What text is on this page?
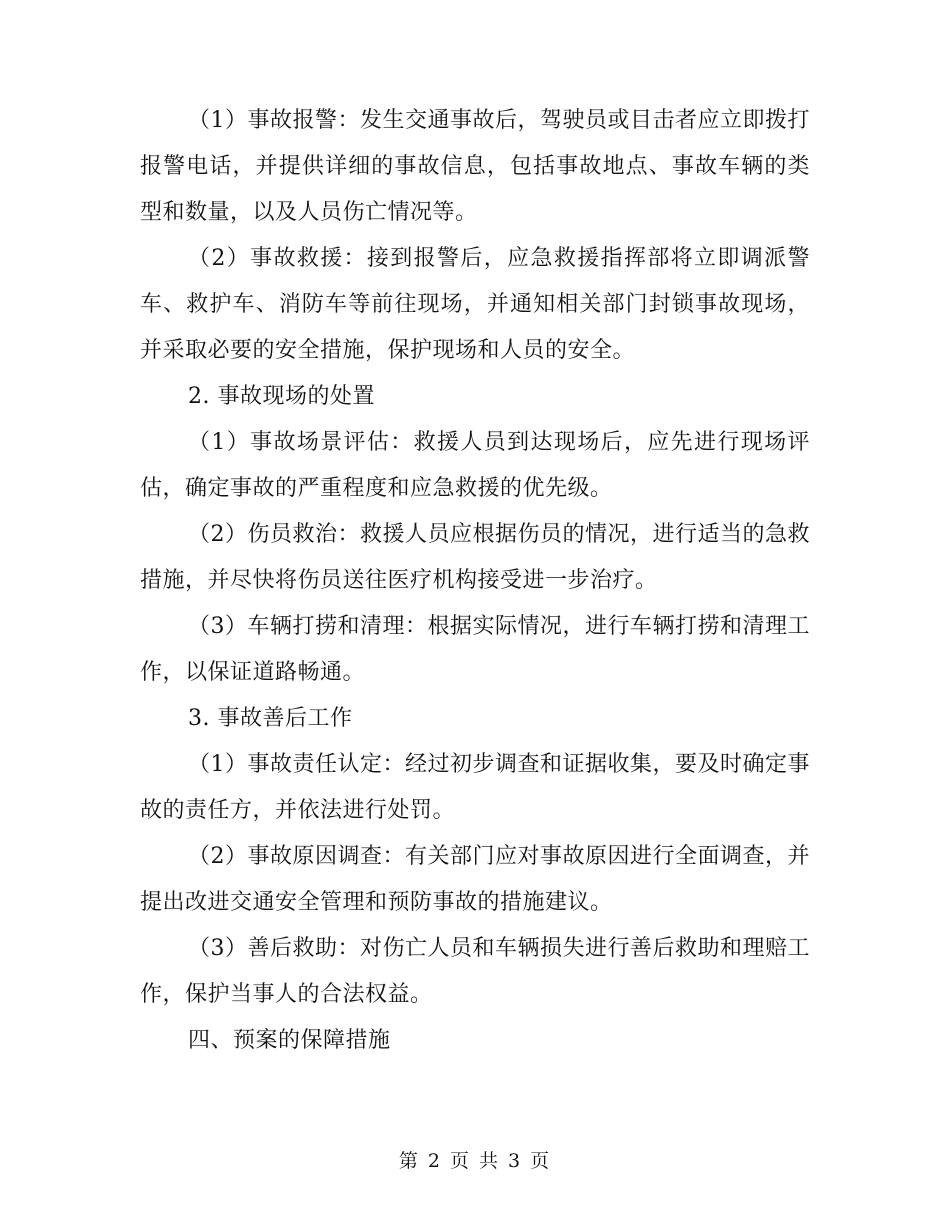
（1）事故报警：发生交通事故后，驾驶员或目击者应立即拨打报警电话，并提供详细的事故信息，包括事故地点、事故车辆的类型和数量，以及人员伤亡情况等。

（2）事故救援：接到报警后，应急救援指挥部将立即调派警车、救护车、消防车等前往现场，并通知相关部门封锁事故现场，并采取必要的安全措施，保护现场和人员的安全。

2. 事故现场的处置

（1）事故场景评估：救援人员到达现场后，应先进行现场评估，确定事故的严重程度和应急救援的优先级。

（2）伤员救治：救援人员应根据伤员的情况，进行适当的急救措施，并尽快将伤员送往医疗机构接受进一步治疗。

（3）车辆打捞和清理：根据实际情况，进行车辆打捞和清理工作，以保证道路畅通。

3. 事故善后工作

（1）事故责任认定：经过初步调查和证据收集，要及时确定事故的责任方，并依法进行处罚。

（2）事故原因调查：有关部门应对事故原因进行全面调查，并提出改进交通安全管理和预防事故的措施建议。

（3）善后救助：对伤亡人员和车辆损失进行善后救助和理赔工作，保护当事人的合法权益。

四、预案的保障措施

第 2 页 共 3 页
